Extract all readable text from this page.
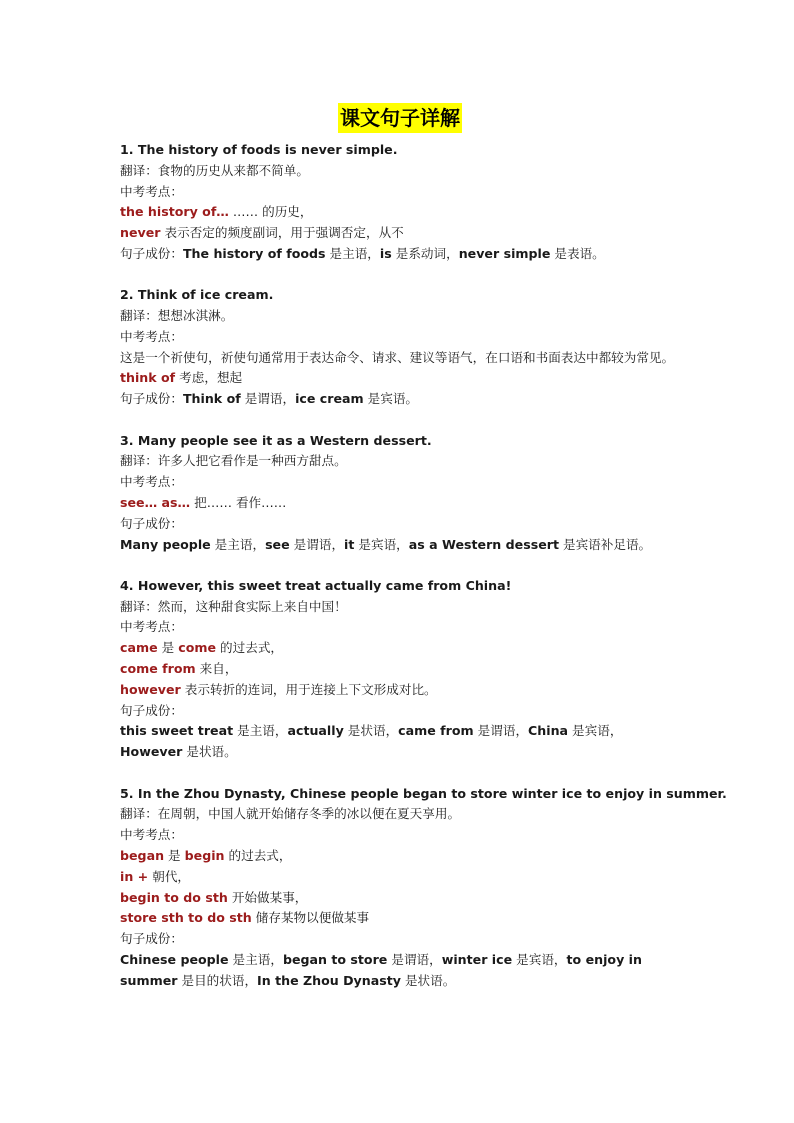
课文句子详解
1. The history of foods is never simple.
翻译：食物的历史从来都不简单。
中考考点：
the history of… …… 的历史，
never 表示否定的频度副词，用于强调否定，从不
句子成份：The history of foods 是主语，is 是系动词，never simple 是表语。
2. Think of ice cream.
翻译：想想冰淇淋。
中考考点：
这是一个祈使句，祈使句通常用于表达命令、请求、建议等语气，在口语和书面表达中都较为常见。
think of 考虑，想起
句子成份：Think of 是谓语，ice cream 是宾语。
3. Many people see it as a Western dessert.
翻译：许多人把它看作是一种西方甜点。
中考考点：
see… as… 把…… 看作……
句子成份：
Many people 是主语，see 是谓语，it 是宾语，as a Western dessert 是宾语补足语。
4. However, this sweet treat actually came from China!
翻译：然而，这种甜食实际上来自中国！
中考考点：
came 是 come 的过去式，
come from 来自，
however 表示转折的连词，用于连接上下文形成对比。
句子成份：
this sweet treat 是主语，actually 是状语，came from 是谓语，China 是宾语，However 是状语。
5. In the Zhou Dynasty, Chinese people began to store winter ice to enjoy in summer.
翻译：在周朝，中国人就开始储存冬季的冰以便在夏天享用。
中考考点：
began 是 begin 的过去式，
in + 朝代，
begin to do sth 开始做某事，
store sth to do sth 储存某物以便做某事
句子成份：
Chinese people 是主语，began to store 是谓语，winter ice 是宾语，to enjoy in summer 是目的状语，In the Zhou Dynasty 是状语。
